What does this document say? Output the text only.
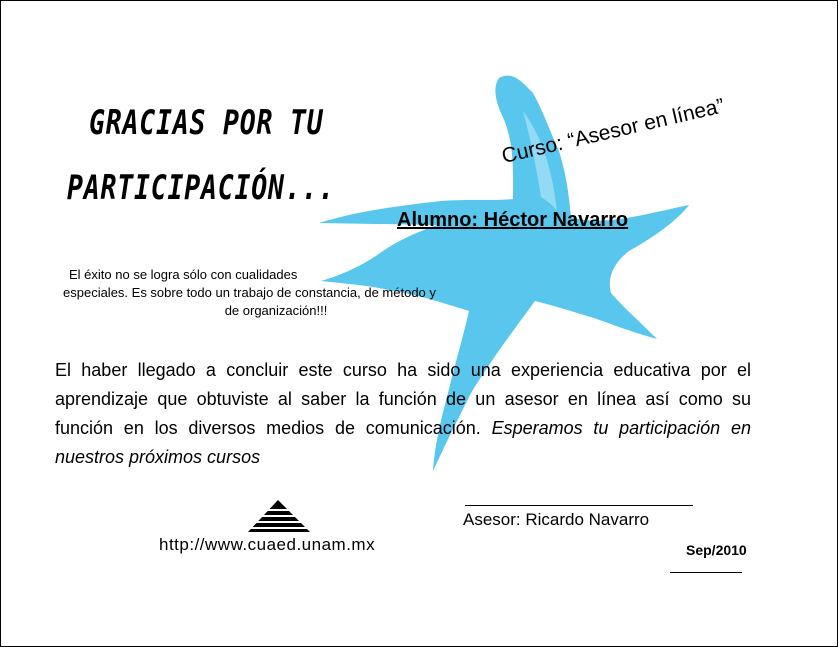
GRACIAS POR TU
PARTICIPACIÓN...
Curso: “Asesor en línea”
Alumno: Héctor Navarro
El éxito no se logra sólo con cualidades
especiales. Es sobre todo un trabajo de constancia, de método y
de organización!!!
El haber llegado a concluir este curso ha sido una experiencia educativa por el aprendizaje que obtuviste al saber la función de un asesor en línea así como su función en los diversos medios de comunicación. Esperamos tu participación en nuestros próximos cursos
http://www.cuaed.unam.mx
Asesor: Ricardo Navarro
Sep/2010
